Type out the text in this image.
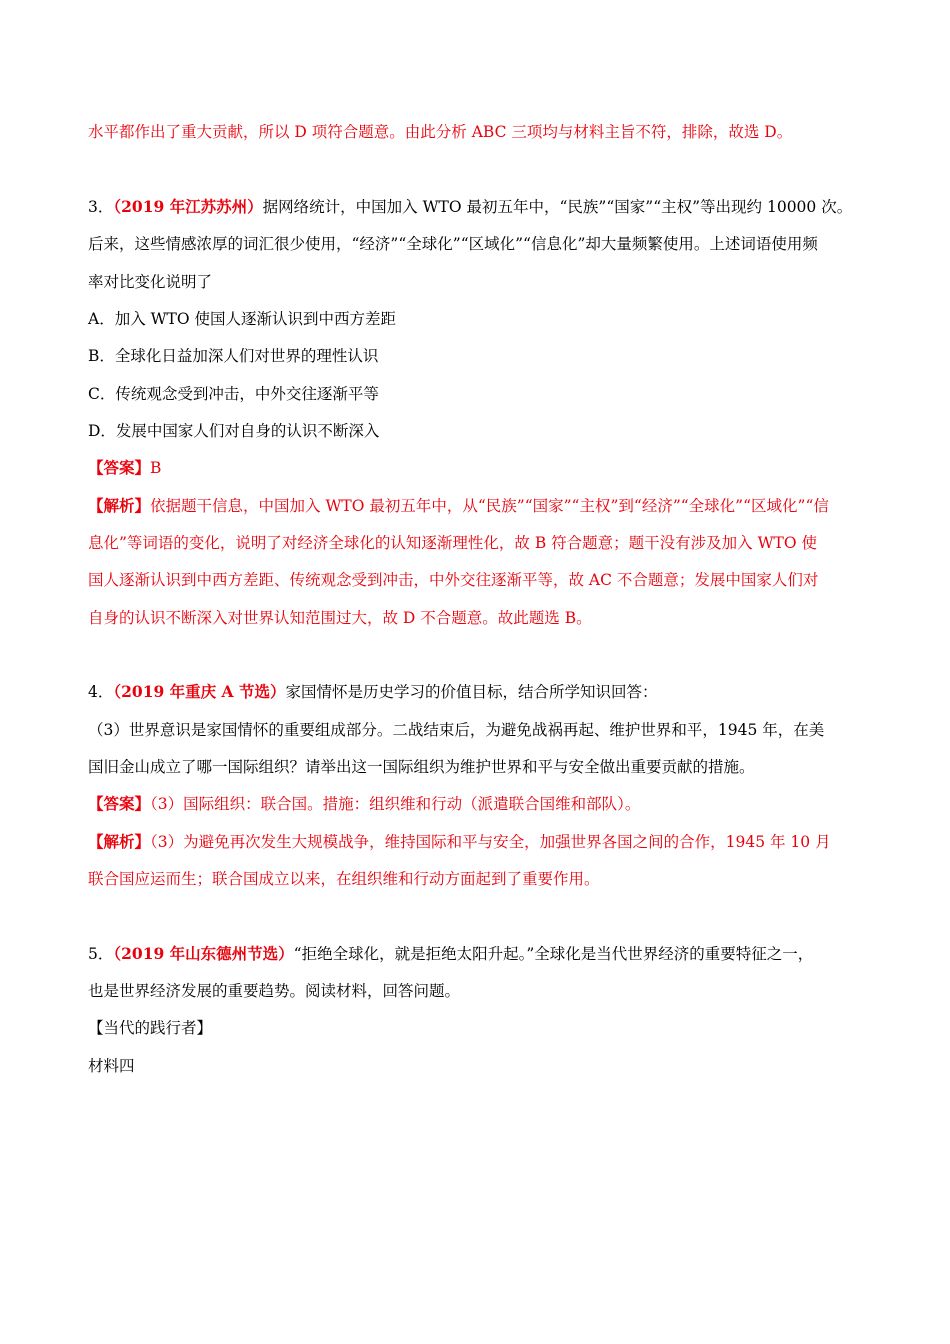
水平都作出了重大贡献，所以 D 项符合题意。由此分析 ABC 三项均与材料主旨不符，排除，故选 D。
3．（2019 年江苏苏州）据网络统计，中国加入 WTO 最初五年中，“民族”“国家”“主权”等出现约 10000 次。
后来，这些情感浓厚的词汇很少使用，“经济”“全球化”“区域化”“信息化”却大量频繁使用。上述词语使用频
率对比变化说明了
A．加入 WTO 使国人逐渐认识到中西方差距
B．全球化日益加深人们对世界的理性认识
C．传统观念受到冲击，中外交往逐渐平等
D．发展中国家人们对自身的认识不断深入
【答案】B
【解析】依据题干信息，中国加入 WTO 最初五年中，从“民族”“国家”“主权”到“经济”“全球化”“区域化”“信
息化”等词语的变化，说明了对经济全球化的认知逐渐理性化，故 B 符合题意；题干没有涉及加入 WTO 使
国人逐渐认识到中西方差距、传统观念受到冲击，中外交往逐渐平等，故 AC 不合题意；发展中国家人们对
自身的认识不断深入对世界认知范围过大，故 D 不合题意。故此题选 B。
4．（2019 年重庆 A 节选）家国情怀是历史学习的价值目标，结合所学知识回答：
（3）世界意识是家国情怀的重要组成部分。二战结束后，为避免战祸再起、维护世界和平，1945 年，在美
国旧金山成立了哪一国际组织？请举出这一国际组织为维护世界和平与安全做出重要贡献的措施。
【答案】（3）国际组织：联合国。措施：组织维和行动（派遣联合国维和部队）。
【解析】（3）为避免再次发生大规模战争，维持国际和平与安全，加强世界各国之间的合作，1945 年 10 月
联合国应运而生；联合国成立以来，在组织维和行动方面起到了重要作用。
5．（2019 年山东德州节选）“拒绝全球化，就是拒绝太阳升起。”全球化是当代世界经济的重要特征之一，
也是世界经济发展的重要趋势。阅读材料，回答问题。
【当代的践行者】
材料四
